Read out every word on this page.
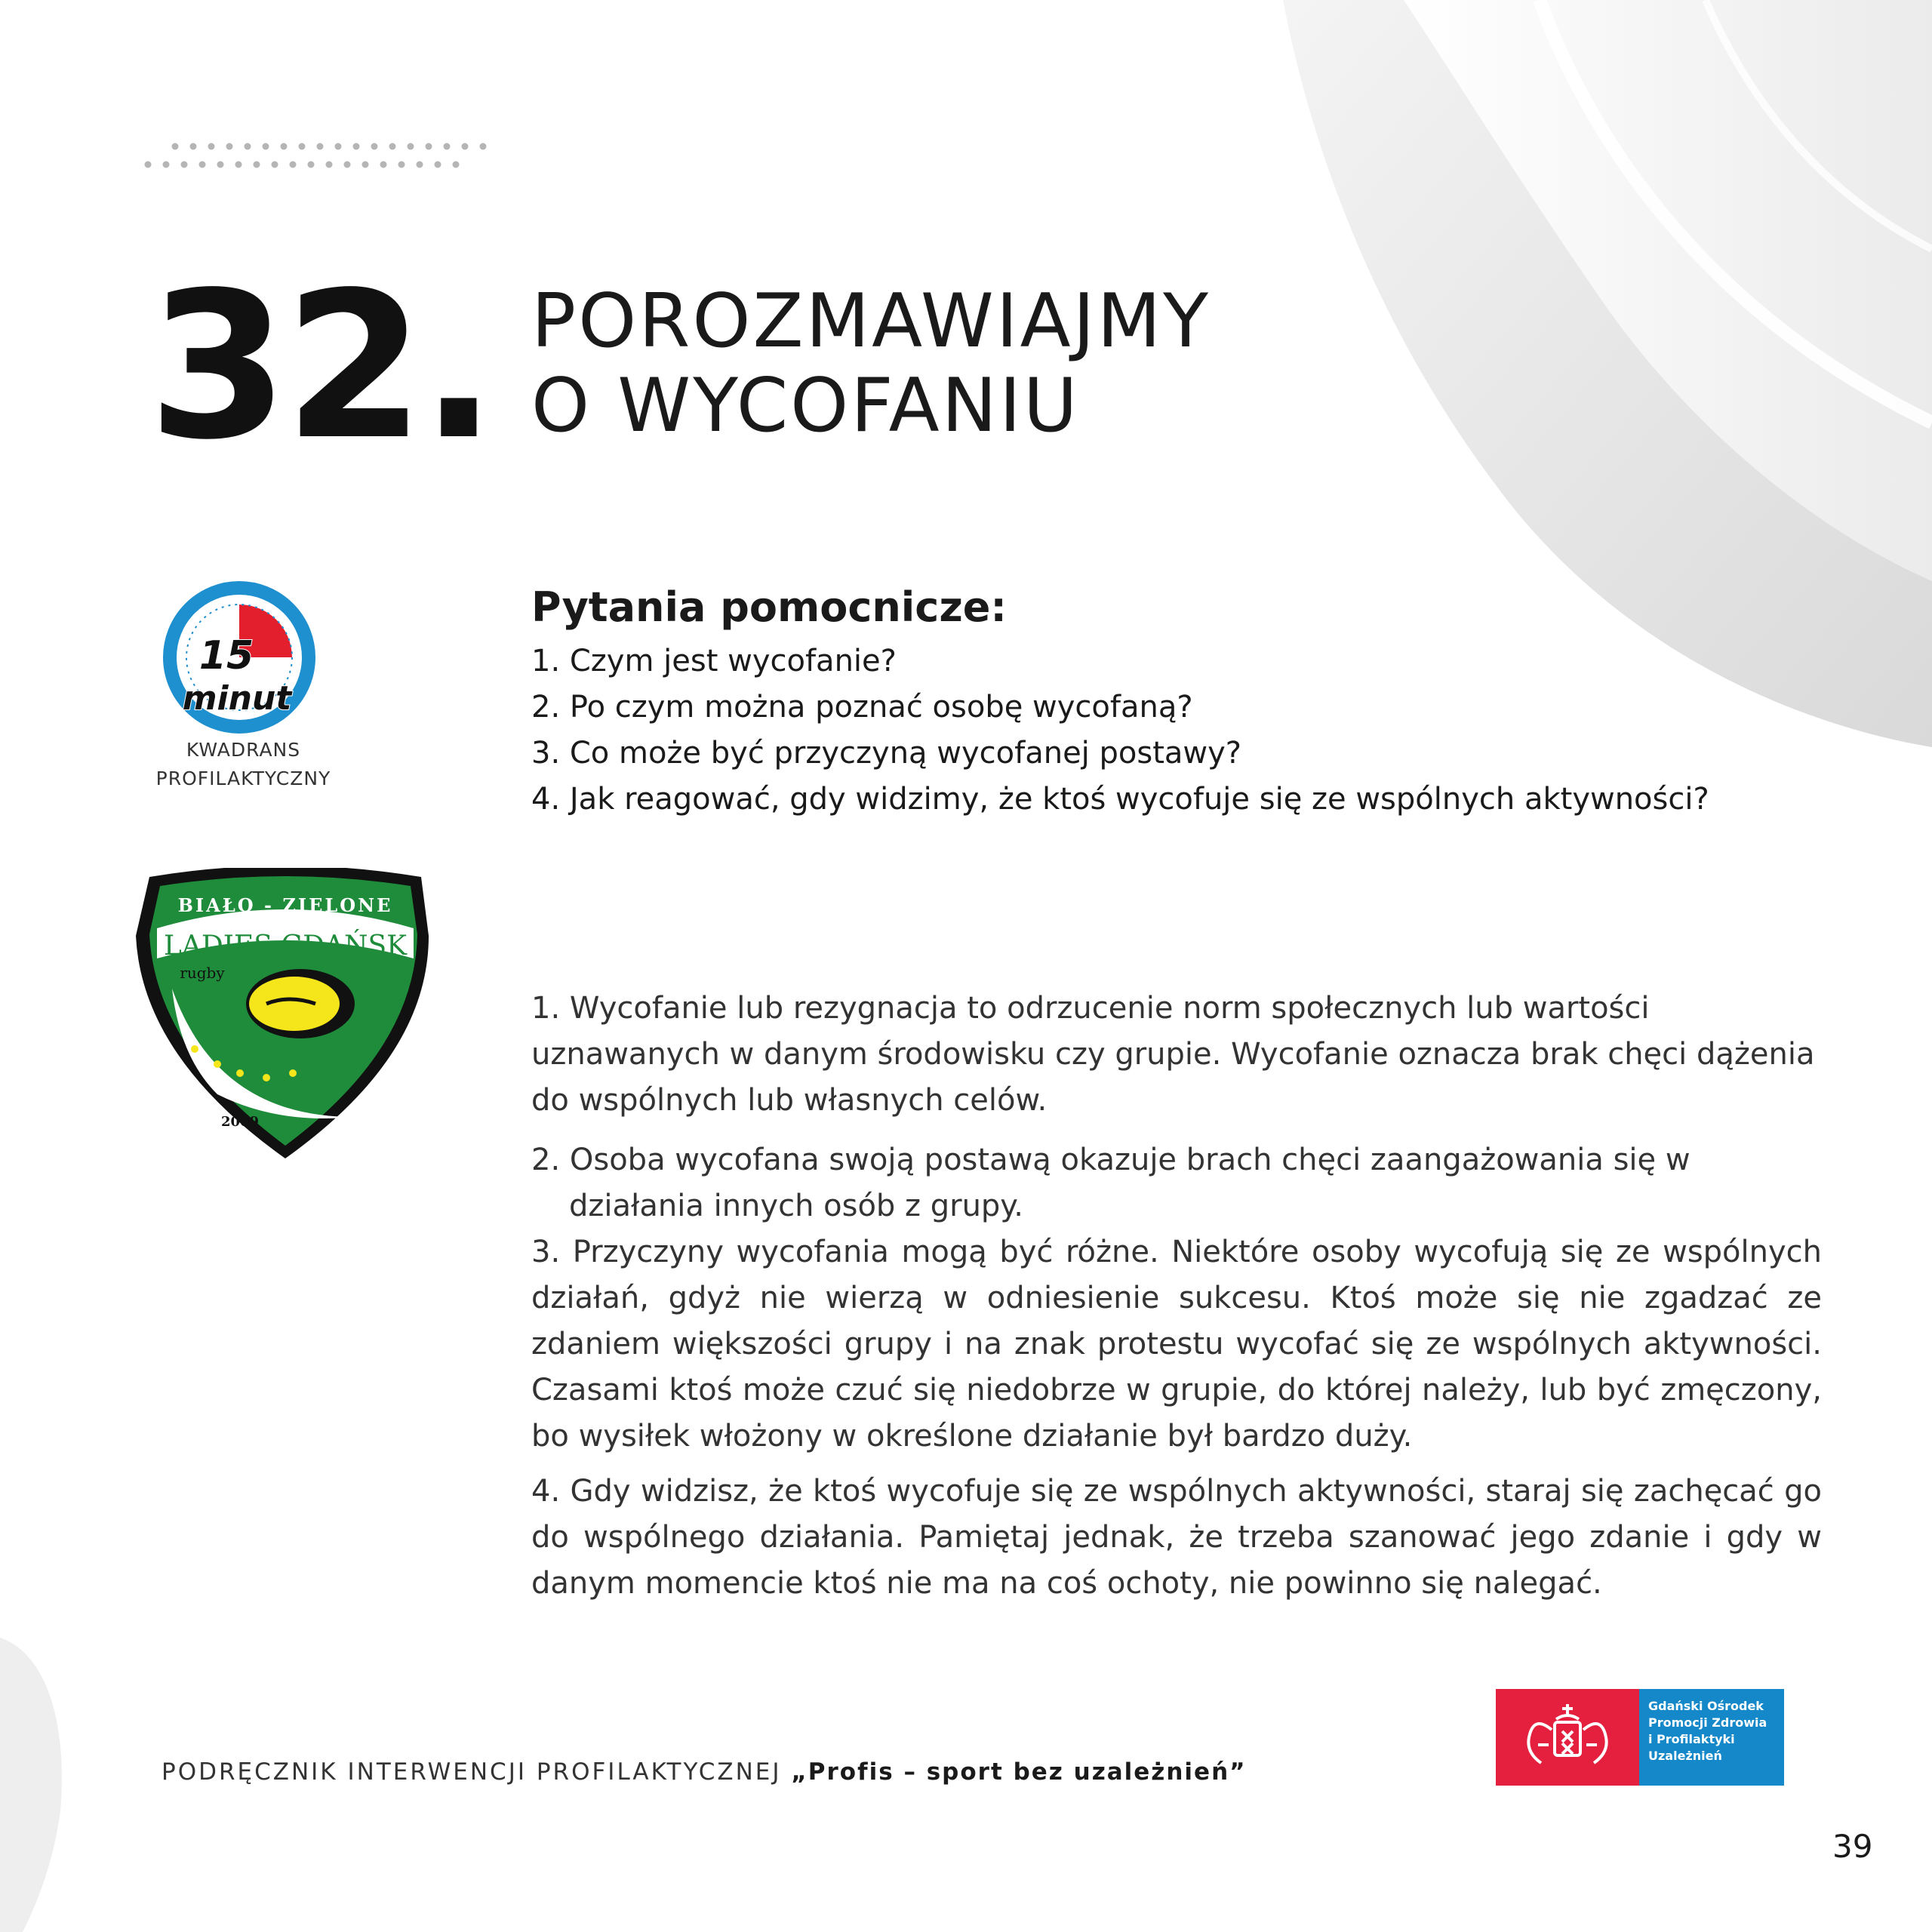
32. POROZMAWIAJMY
O WYCOFANIU
15
minut
KWADRANS
PROFILAKTYCZNY
BIAŁO - ZIELONE
LADIES GDAŃSK
rugby
2009
Pytania pomocnicze:
1. Czym jest wycofanie?
2. Po czym można poznać osobę wycofaną?
3. Co może być przyczyną wycofanej postawy?
4. Jak reagować, gdy widzimy, że ktoś wycofuje się ze wspólnych aktywności?

1. Wycofanie lub rezygnacja to odrzucenie norm społecznych lub wartości uznawanych w danym środowisku czy grupie. Wycofanie oznacza brak chęci dążenia do wspólnych lub własnych celów.

2. Osoba wycofana swoją postawą okazuje brach chęci zaangażowania się w działania innych osób z grupy.

3. Przyczyny wycofania mogą być różne. Niektóre osoby wycofują się ze wspólnych działań, gdyż nie wierzą w odniesienie sukcesu. Ktoś może się nie zgadzać ze zdaniem większości grupy i na znak protestu wycofać się ze wspólnych aktywności. Czasami ktoś może czuć się niedobrze w grupie, do której należy, lub być zmęczony, bo wysiłek włożony w określone działanie był bardzo duży.

4. Gdy widzisz, że ktoś wycofuje się ze wspólnych aktywności, staraj się zachęcać go do wspólnego działania. Pamiętaj jednak, że trzeba szanować jego zdanie i gdy w danym momencie ktoś nie ma na coś ochoty, nie powinno się nalegać.

PODRĘCZNIK INTERWENCJI PROFILAKTYCZNEJ „Profis – sport bez uzależnień”
Gdański Ośrodek
Promocji Zdrowia
i Profilaktyki
Uzależnień
39
